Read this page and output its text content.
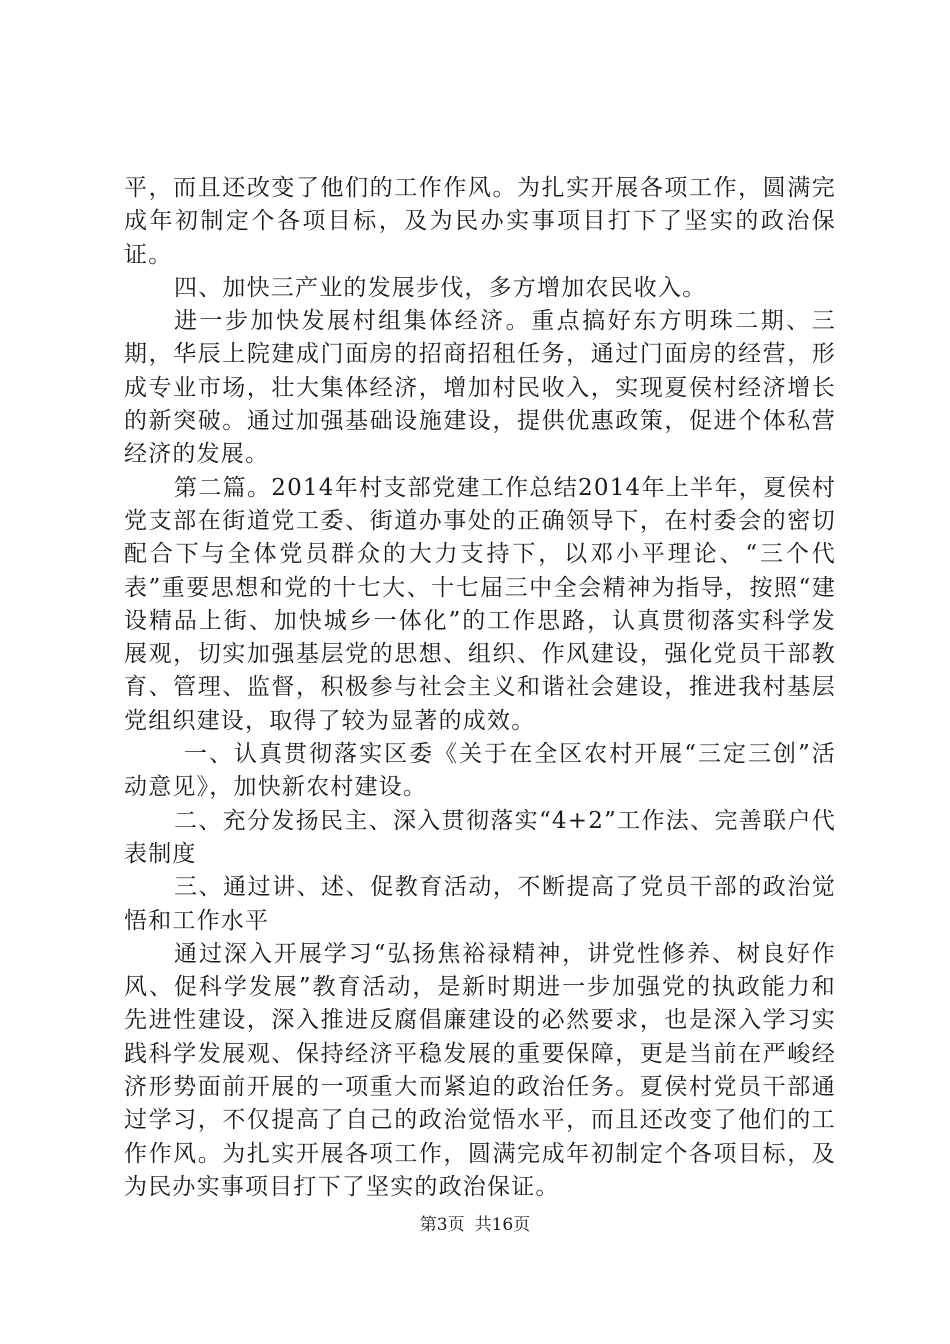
平，而且还改变了他们的工作作风。为扎实开展各项工作，圆满完成年初制定个各项目标，及为民办实事项目打下了坚实的政治保证。

四、加快三产业的发展步伐，多方增加农民收入。

进一步加快发展村组集体经济。重点搞好东方明珠二期、三期，华辰上院建成门面房的招商招租任务，通过门面房的经营，形成专业市场，壮大集体经济，增加村民收入，实现夏侯村经济增长的新突破。通过加强基础设施建设，提供优惠政策，促进个体私营经济的发展。

第二篇。2014年村支部党建工作总结2014年上半年，夏侯村党支部在街道党工委、街道办事处的正确领导下，在村委会的密切配合下与全体党员群众的大力支持下，以邓小平理论、“三个代表”重要思想和党的十七大、十七届三中全会精神为指导，按照“建设精品上街、加快城乡一体化”的工作思路，认真贯彻落实科学发展观，切实加强基层党的思想、组织、作风建设，强化党员干部教育、管理、监督，积极参与社会主义和谐社会建设，推进我村基层党组织建设，取得了较为显著的成效。

一、认真贯彻落实区委《关于在全区农村开展“三定三创”活动意见》，加快新农村建设。

二、充分发扬民主、深入贯彻落实“4+2”工作法、完善联户代表制度

三、通过讲、述、促教育活动，不断提高了党员干部的政治觉悟和工作水平

通过深入开展学习“弘扬焦裕禄精神，讲党性修养、树良好作风、促科学发展”教育活动，是新时期进一步加强党的执政能力和先进性建设，深入推进反腐倡廉建设的必然要求，也是深入学习实践科学发展观、保持经济平稳发展的重要保障，更是当前在严峻经济形势面前开展的一项重大而紧迫的政治任务。夏侯村党员干部通过学习，不仅提高了自己的政治觉悟水平，而且还改变了他们的工作作风。为扎实开展各项工作，圆满完成年初制定个各项目标，及为民办实事项目打下了坚实的政治保证。

第3页 共16页
